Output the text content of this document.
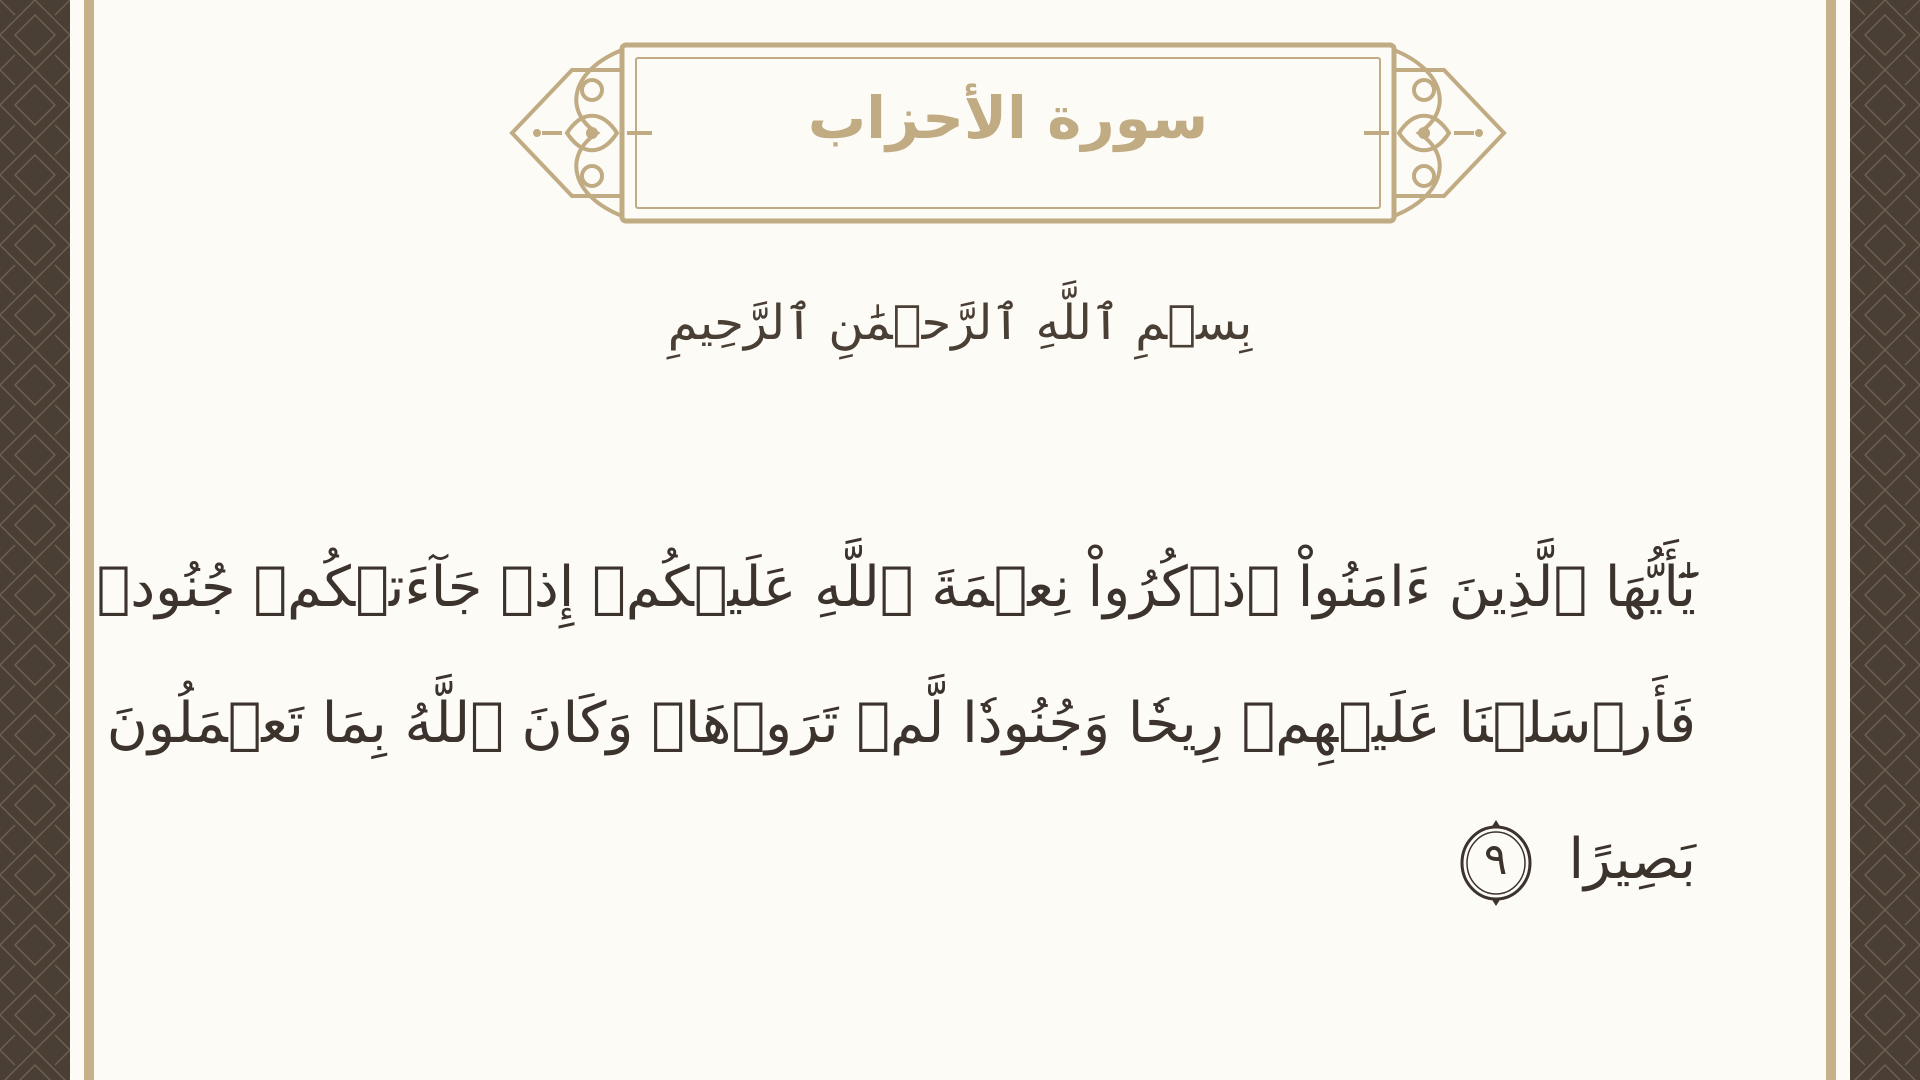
سورة الأحزاب
بِسۡمِ ٱللَّهِ ٱلرَّحۡمَٰنِ ٱلرَّحِيمِ
يَٰٓأَيُّهَا ٱلَّذِينَ ءَامَنُواْ ٱذۡكُرُواْ نِعۡمَةَ ٱللَّهِ عَلَيۡكُمۡ إِذۡ جَآءَتۡكُمۡ جُنُودٞ
فَأَرۡسَلۡنَا عَلَيۡهِمۡ رِيحٗا وَجُنُودٗا لَّمۡ تَرَوۡهَاۚ وَكَانَ ٱللَّهُ بِمَا تَعۡمَلُونَ
بَصِيرًا
٩
